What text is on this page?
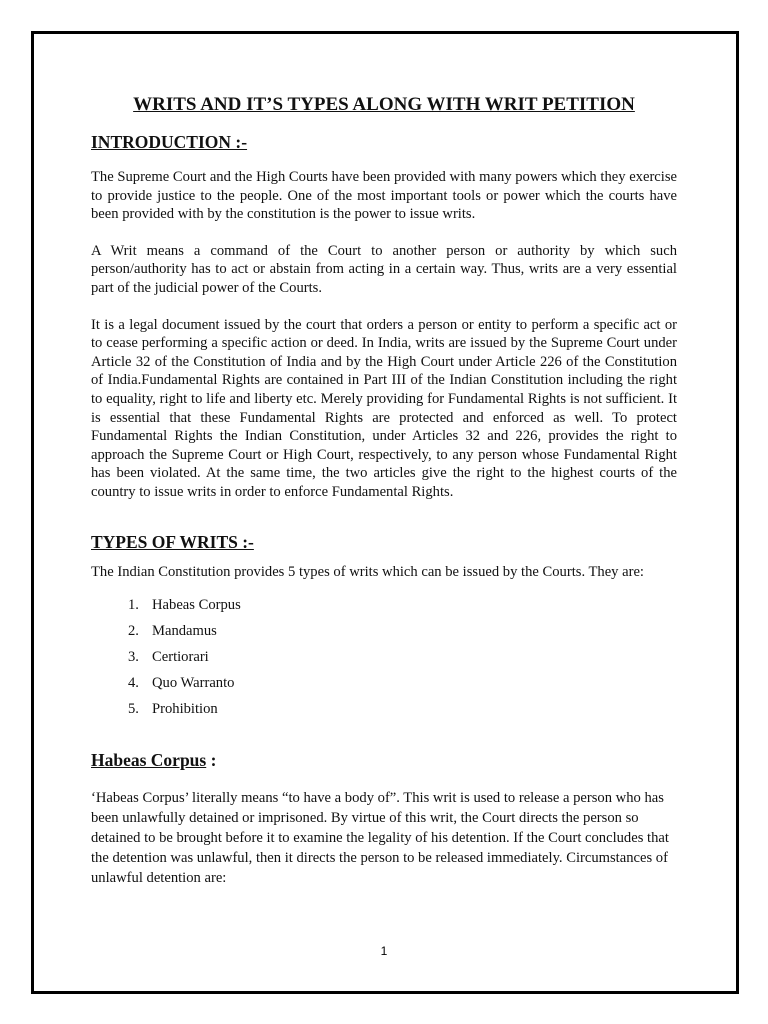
WRITS AND IT’S TYPES ALONG WITH WRIT PETITION
INTRODUCTION :-

The Supreme Court and the High Courts have been provided with many powers which they exercise to provide justice to the people. One of the most important tools or power which the courts have been provided with by the constitution is the power to issue writs.

A Writ means a command of the Court to another person or authority by which such person/authority has to act or abstain from acting in a certain way. Thus, writs are a very essential part of the judicial power of the Courts.

It is a legal document issued by the court that orders a person or entity to perform a specific act or to cease performing a specific action or deed. In India, writs are issued by the Supreme Court under Article 32 of the Constitution of India and by the High Court under Article 226 of the Constitution of India.Fundamental Rights are contained in Part III of the Indian Constitution including the right to equality, right to life and liberty etc. Merely providing for Fundamental Rights is not sufficient. It is essential that these Fundamental Rights are protected and enforced as well. To protect Fundamental Rights the Indian Constitution, under Articles 32 and 226, provides the right to approach the Supreme Court or High Court, respectively, to any person whose Fundamental Right has been violated. At the same time, the two articles give the right to the highest courts of the country to issue writs in order to enforce Fundamental Rights.

TYPES OF WRITS :-

The Indian Constitution provides 5 types of writs which can be issued by the Courts. They are:

1. Habeas Corpus
2. Mandamus
3. Certiorari
4. Quo Warranto
5. Prohibition
Habeas Corpus :

‘Habeas Corpus’ literally means “to have a body of”. This writ is used to release a person who has been unlawfully detained or imprisoned. By virtue of this writ, the Court directs the person so detained to be brought before it to examine the legality of his detention. If the Court concludes that the detention was unlawful, then it directs the person to be released immediately. Circumstances of unlawful detention are:

1
